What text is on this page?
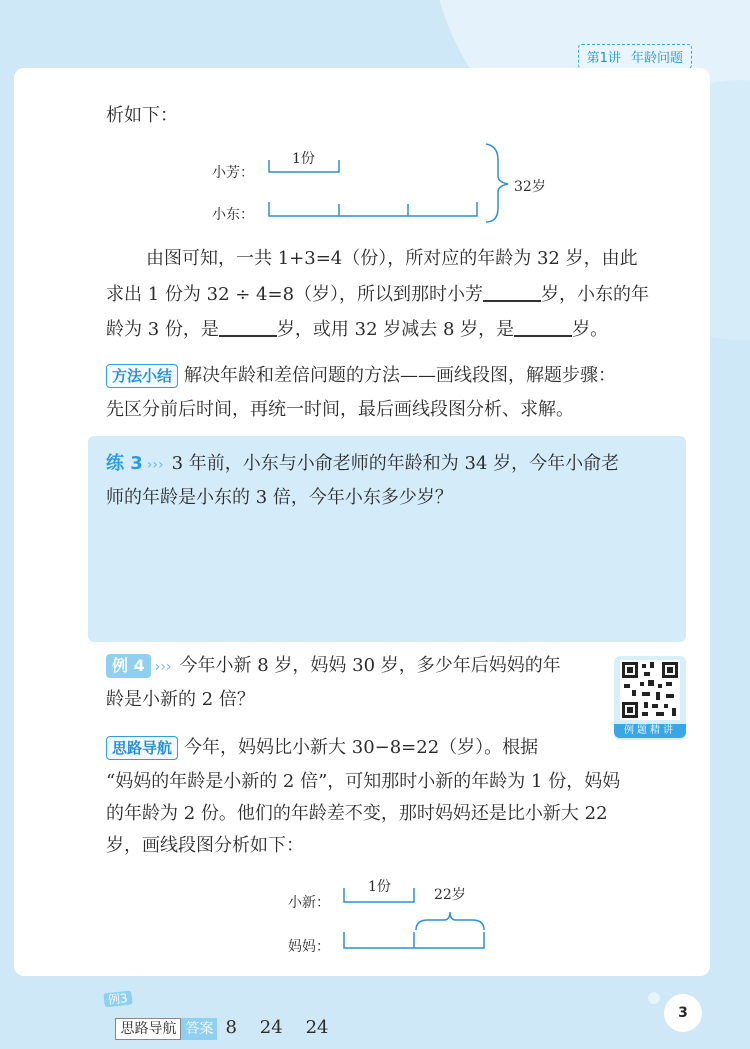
第1讲 年龄问题
析如下：
小芳：
小东：
1份
32岁
由图可知，一共 1+3=4（份），所对应的年龄为 32 岁，由此
求出 1 份为 32 ÷ 4=8（岁），所以到那时小芳	岁，小东的年
龄为 3 份，是	岁，或用 32 岁减去 8 岁，是	岁。
方法小结 解决年龄和差倍问题的方法——画线段图，解题步骤：
先区分前后时间，再统一时间，最后画线段图分析、求解。
练 3 ››› 3 年前，小东与小俞老师的年龄和为 34 岁，今年小俞老
师的年龄是小东的 3 倍，今年小东多少岁？
例 4 ››› 今年小新 8 岁，妈妈 30 岁，多少年后妈妈的年
龄是小新的 2 倍？
例题精讲
思路导航 今年，妈妈比小新大 30−8=22（岁）。根据
“妈妈的年龄是小新的 2 倍”，可知那时小新的年龄为 1 份，妈妈
的年龄为 2 份。他们的年龄差不变，那时妈妈还是比小新大 22
岁，画线段图分析如下：
小新：
妈妈：
1份	22岁

思路导航 答案 8    24    24

例3
3
